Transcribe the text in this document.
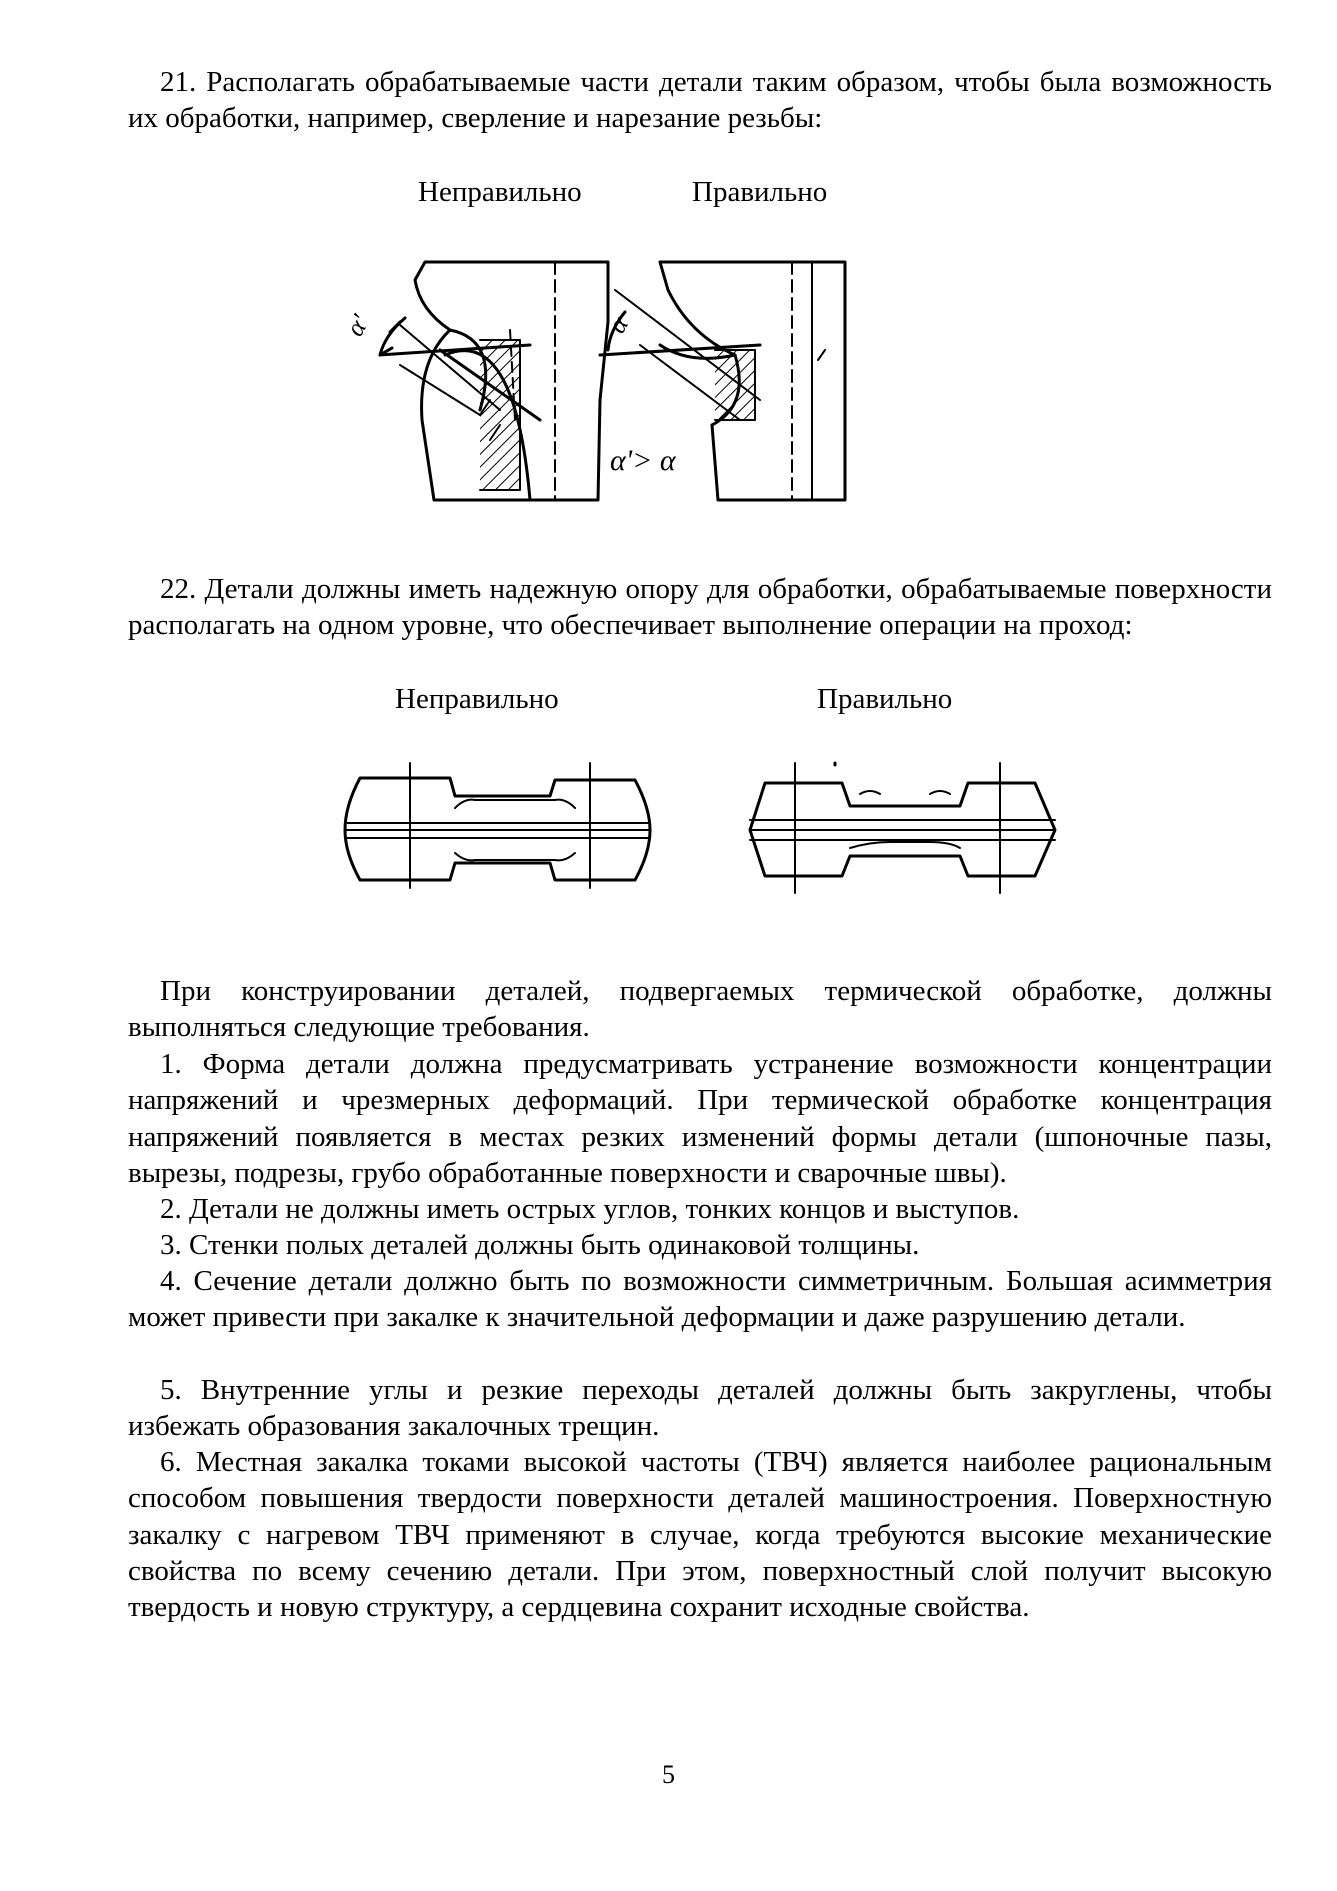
21. Располагать обрабатываемые части детали таким образом, чтобы была возможность их обработки, например, сверление и нарезание резьбы:

Неправильно	Правильно
α'	α
α'> α

22. Детали должны иметь надежную опору для обработки, обрабатываемые поверхности располагать на одном уровне, что обеспечивает выполнение операции на проход:

Неправильно	Правильно

При конструировании деталей, подвергаемых термической обработке, должны выполняться следующие требования.

1. Форма детали должна предусматривать устранение возможности концентрации напряжений и чрезмерных деформаций. При термической обработке концентрация напряжений появляется в местах резких изменений формы детали (шпоночные пазы, вырезы, подрезы, грубо обработанные поверхности и сварочные швы).

2. Детали не должны иметь острых углов, тонких концов и выступов.

3. Стенки полых деталей должны быть одинаковой толщины.

4. Сечение детали должно быть по возможности симметричным. Большая асимметрия может привести при закалке к значительной деформации и даже разрушению детали.

5. Внутренние углы и резкие переходы деталей должны быть закруглены, чтобы избежать образования закалочных трещин.

6. Местная закалка токами высокой частоты (ТВЧ) является наиболее рациональным способом повышения твердости поверхности деталей машиностроения. Поверхностную закалку с нагревом ТВЧ применяют в случае, когда требуются высокие механические свойства по всему сечению детали. При этом, поверхностный слой получит высокую твердость и новую структуру, а сердцевина сохранит исходные свойства.

5
